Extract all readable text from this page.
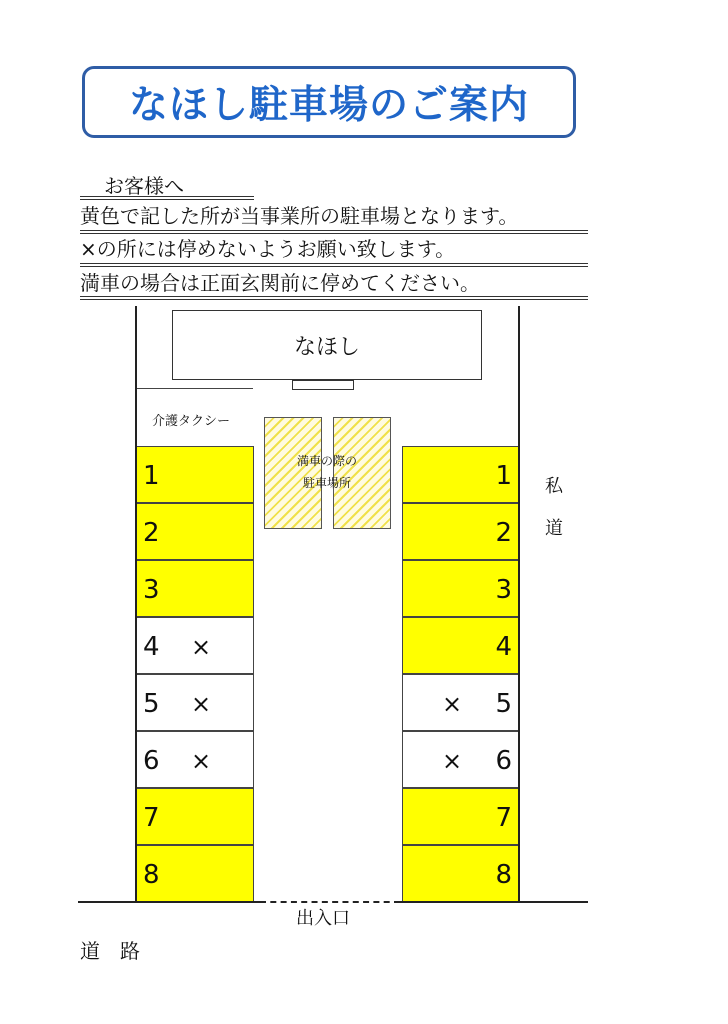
なほし駐車場のご案内
お客様へ
黄色で記した所が当事業所の駐車場となります。
×の所には停めないようお願い致します。
満車の場合は正面玄関前に停めてください。
なほし
介護タクシー
満車の際の
駐車場所
1
2
3
4 ×
5 ×
6 ×
7
8
1
2
3
4
× 5
× 6
7
8
私
道
出入口
道　路
